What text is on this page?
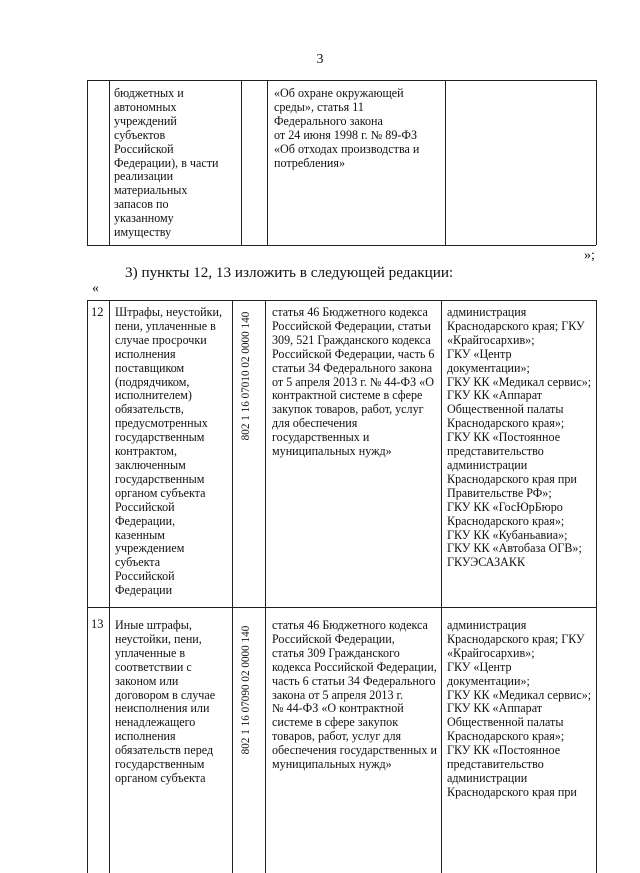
3
бюджетных и
автономных
учреждений
субъектов
Российской
Федерации), в части
реализации
материальных
запасов по
указанному
имуществу
«Об охране окружающей
среды», статья 11
Федерального закона
от 24 июня 1998 г. № 89-ФЗ
«Об отходах производства и
потребления»
»;
3) пункты 12, 13 изложить в следующей редакции:
«
12 Штрафы, неустойки,
пени, уплаченные в
случае просрочки
исполнения
поставщиком
(подрядчиком,
исполнителем)
обязательств,
предусмотренных
государственным
контрактом,
заключенным
государственным
органом субъекта
Российской
Федерации,
казенным
учреждением
субъекта
Российской
Федерации
802 1 16 07010 02 0000 140 статья 46 Бюджетного кодекса
Российской Федерации, статьи
309, 521 Гражданского кодекса
Российской Федерации, часть 6
статьи 34 Федерального закона
от 5 апреля 2013 г. № 44-ФЗ «О
контрактной системе в сфере
закупок товаров, работ, услуг
для обеспечения
государственных и
муниципальных нужд»
администрация
Краснодарского края; ГКУ
«Крайгосархив»;
ГКУ «Центр документации»;
ГКУ КК «Медикал сервис»;
ГКУ КК «Аппарат
Общественной палаты
Краснодарского края»;
ГКУ КК «Постоянное
представительство
администрации
Краснодарского края при
Правительстве РФ»;
ГКУ КК «ГосЮрБюро
Краснодарского края»;
ГКУ КК «Кубаньавиа»;
ГКУ КК «Автобаза ОГВ»;
ГКУЭСАЗАКК
13 Иные штрафы,
неустойки, пени,
уплаченные в
соответствии с
законом или
договором в случае
неисполнения или
ненадлежащего
исполнения
обязательств перед
государственным
органом субъекта
802 1 16 07090 02 0000 140
статья 46 Бюджетного кодекса
Российской Федерации,
статья 309 Гражданского
кодекса Российской Федерации,
часть 6 статьи 34 Федерального
закона от 5 апреля 2013 г.
№ 44-ФЗ «О контрактной
системе в сфере закупок
товаров, работ, услуг для
обеспечения государственных и
муниципальных нужд»
администрация
Краснодарского края; ГКУ
«Крайгосархив»;
ГКУ «Центр документации»;
ГКУ КК «Медикал сервис»;
ГКУ КК «Аппарат
Общественной палаты
Краснодарского края»;
ГКУ КК «Постоянное
представительство
администрации
Краснодарского края при
